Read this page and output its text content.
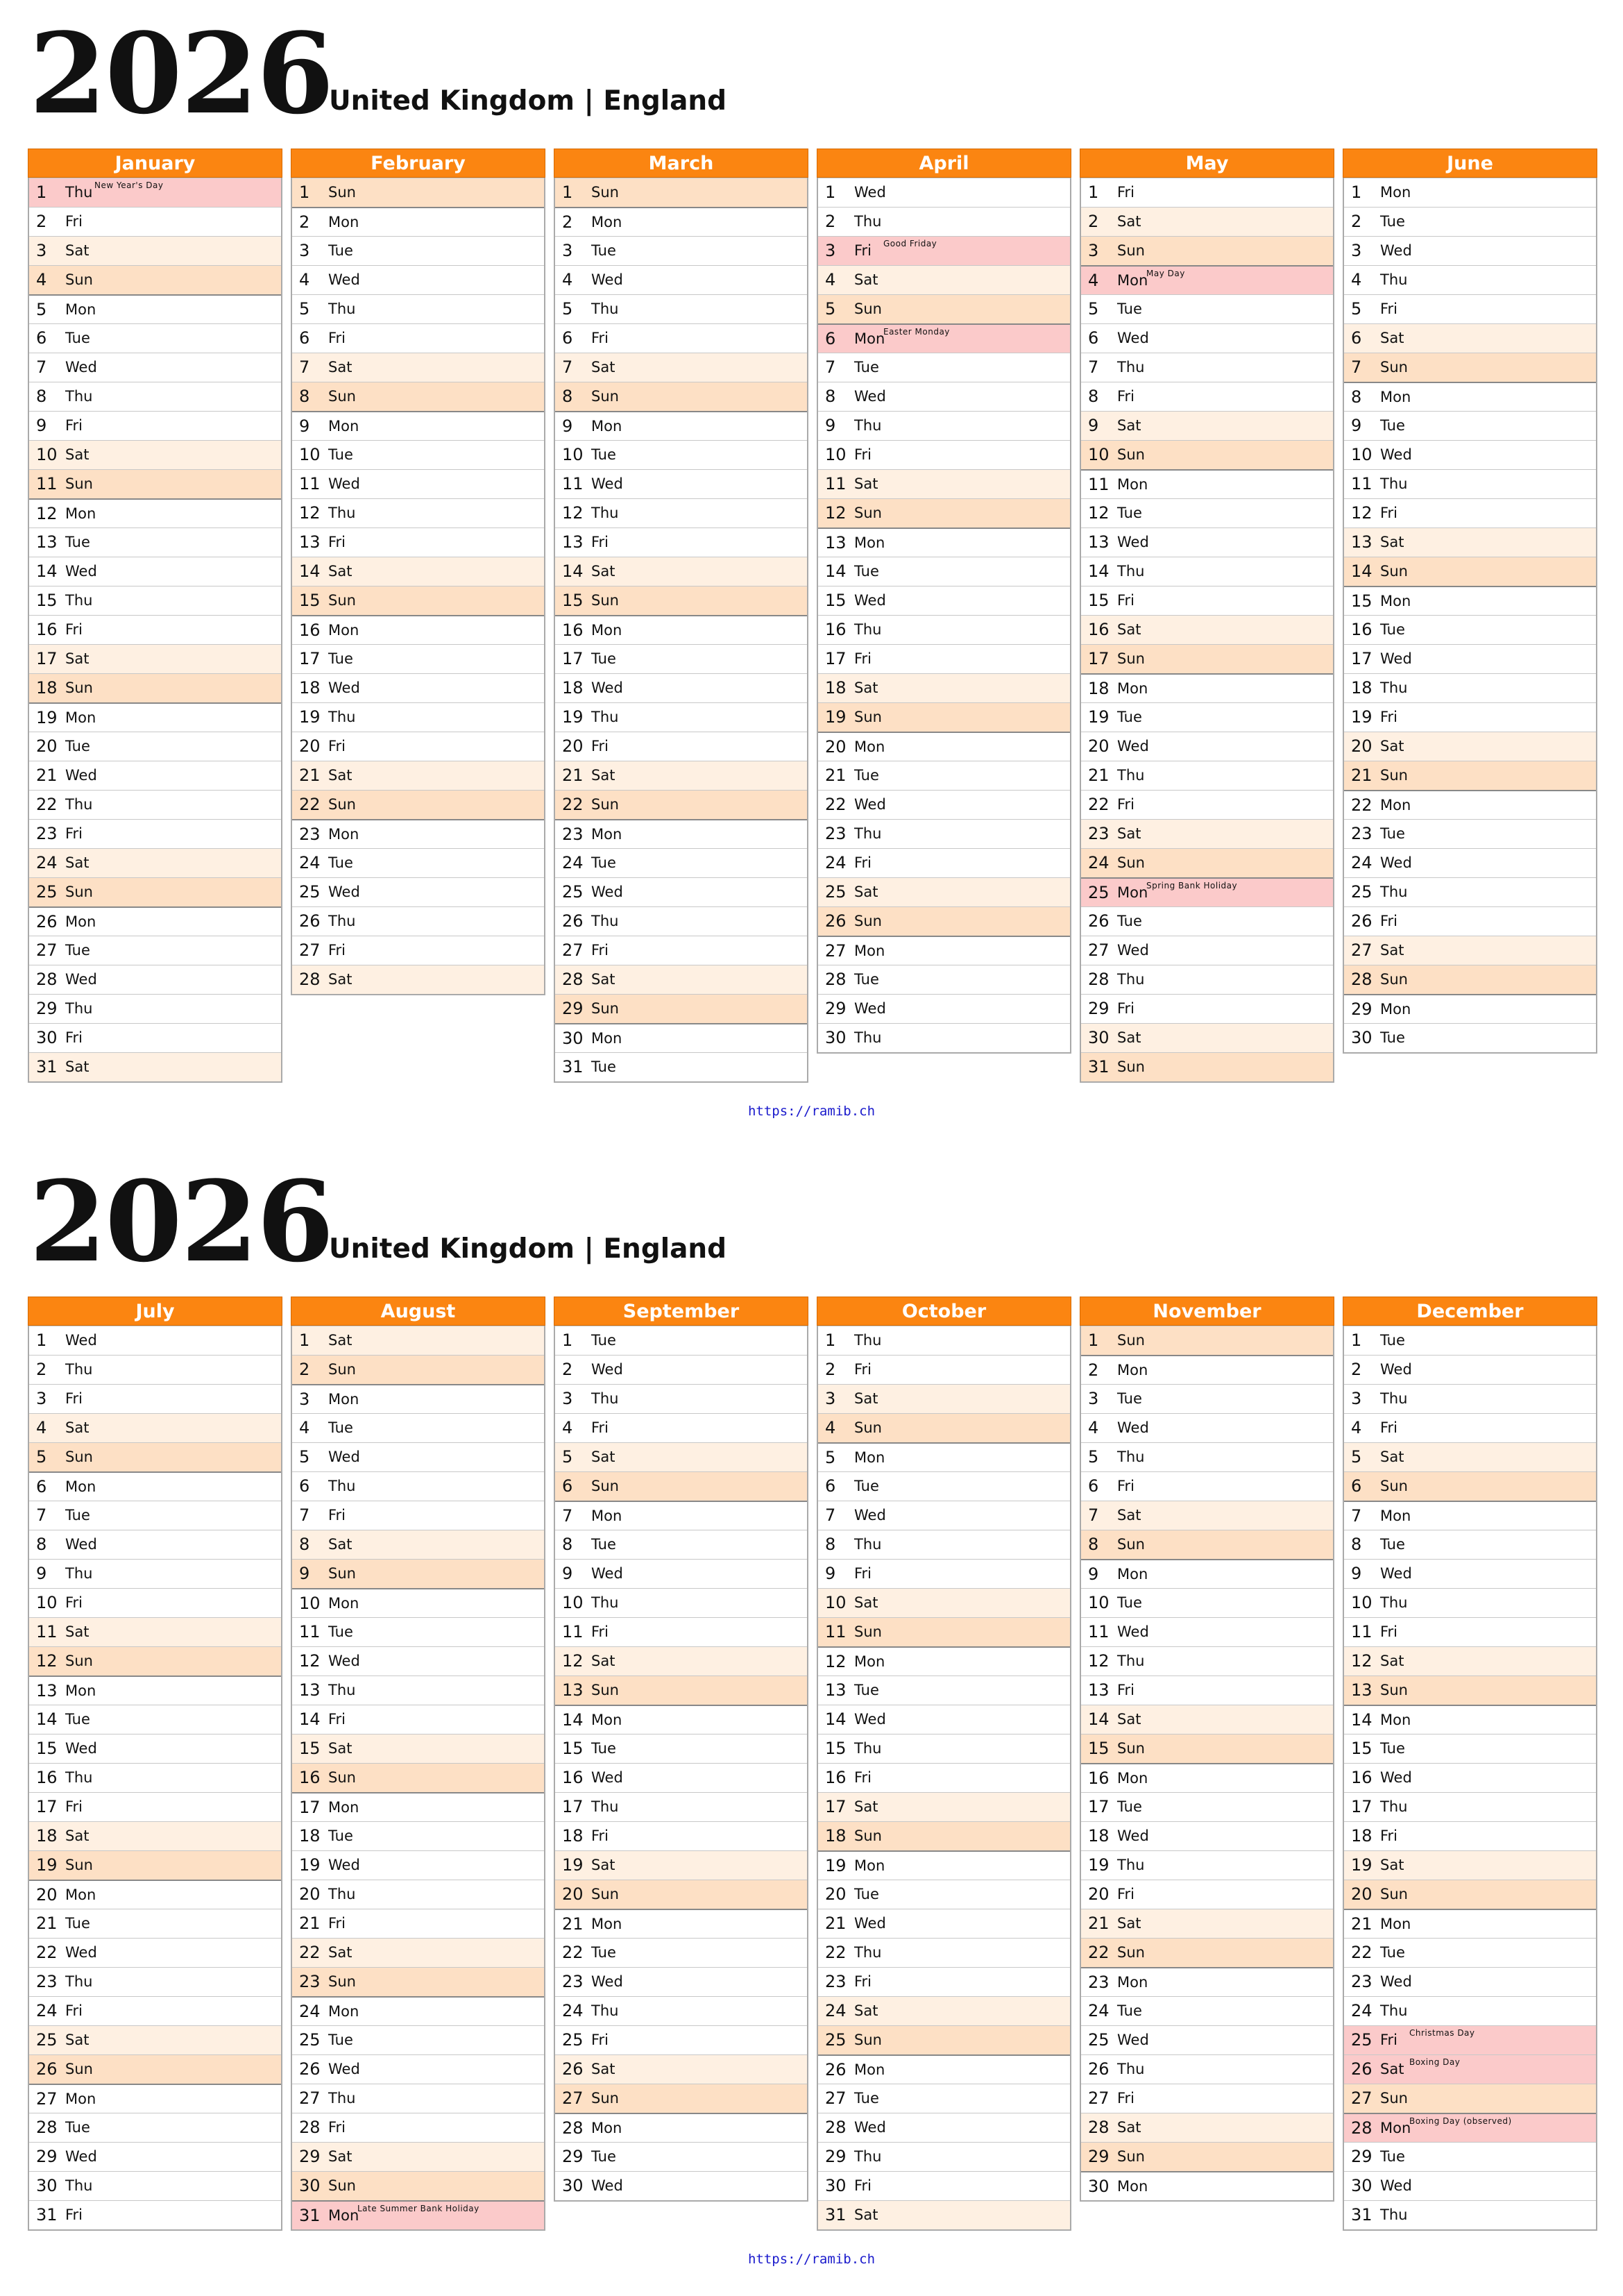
2026
United Kingdom | England
January
1 Thu New Year's Day
2 Fri
3 Sat
4 Sun
5 Mon
6 Tue
7 Wed
8 Thu
9 Fri
10 Sat
11 Sun
12 Mon
13 Tue
14 Wed
15 Thu
16 Fri
17 Sat
18 Sun
19 Mon
20 Tue
21 Wed
22 Thu
23 Fri
24 Sat
25 Sun
26 Mon
27 Tue
28 Wed
29 Thu
30 Fri
31 Sat
February
1 Sun
2 Mon
3 Tue
4 Wed
5 Thu
6 Fri
7 Sat
8 Sun
9 Mon
10 Tue
11 Wed
12 Thu
13 Fri
14 Sat
15 Sun
16 Mon
17 Tue
18 Wed
19 Thu
20 Fri
21 Sat
22 Sun
23 Mon
24 Tue
25 Wed
26 Thu
27 Fri
28 Sat
March
1 Sun
2 Mon
3 Tue
4 Wed
5 Thu
6 Fri
7 Sat
8 Sun
9 Mon
10 Tue
11 Wed
12 Thu
13 Fri
14 Sat
15 Sun
16 Mon
17 Tue
18 Wed
19 Thu
20 Fri
21 Sat
22 Sun
23 Mon
24 Tue
25 Wed
26 Thu
27 Fri
28 Sat
29 Sun
30 Mon
31 Tue
April
1 Wed
2 Thu
3 Fri Good Friday
4 Sat
5 Sun
6 Mon
Easter Monday
7 Tue
8 Wed
9 Thu
10 Fri
11 Sat
12 Sun
13 Mon
14 Tue
15 Wed
16 Thu
17 Fri
18 Sat
19 Sun
20 Mon
21 Tue
22 Wed
23 Thu
24 Fri
25 Sat
26 Sun
27 Mon
28 Tue
29 Wed
30 Thu
May
1 Fri
2 Sat
3 Sun
4 Mon
May Day
5 Tue
6 Wed
7 Thu
8 Fri
9 Sat
10 Sun
11 Mon
12 Tue
13 Wed
14 Thu
15 Fri
16 Sat
17 Sun
18 Mon
19 Tue
20 Wed
21 Thu
22 Fri
23 Sat
24 Sun
25 Mon
Spring Bank Holiday
26 Tue
27 Wed
28 Thu
29 Fri
30 Sat
31 Sun
June
1 Mon
2 Tue
3 Wed
4 Thu
5 Fri
6 Sat
7 Sun
8 Mon
9 Tue
10 Wed
11 Thu
12 Fri
13 Sat
14 Sun
15 Mon
16 Tue
17 Wed
18 Thu
19 Fri
20 Sat
21 Sun
22 Mon
23 Tue
24 Wed
25 Thu
26 Fri
27 Sat
28 Sun
29 Mon
30 Tue
https://ramib.ch
2026
United Kingdom | England
July
1 Wed
2 Thu
3 Fri
4 Sat
5 Sun
6 Mon
7 Tue
8 Wed
9 Thu
10 Fri
11 Sat
12 Sun
13 Mon
14 Tue
15 Wed
16 Thu
17 Fri
18 Sat
19 Sun
20 Mon
21 Tue
22 Wed
23 Thu
24 Fri
25 Sat
26 Sun
27 Mon
28 Tue
29 Wed
30 Thu
31 Fri
August
1 Sat
2 Sun
3 Mon
4 Tue
5 Wed
6 Thu
7 Fri
8 Sat
9 Sun
10 Mon
11 Tue
12 Wed
13 Thu
14 Fri
15 Sat
16 Sun
17 Mon
18 Tue
19 Wed
20 Thu
21 Fri
22 Sat
23 Sun
24 Mon
25 Tue
26 Wed
27 Thu
28 Fri
29 Sat
30 Sun
31 Mon
Late Summer Bank Holiday
September
1 Tue
2 Wed
3 Thu
4 Fri
5 Sat
6 Sun
7 Mon
8 Tue
9 Wed
10 Thu
11 Fri
12 Sat
13 Sun
14 Mon
15 Tue
16 Wed
17 Thu
18 Fri
19 Sat
20 Sun
21 Mon
22 Tue
23 Wed
24 Thu
25 Fri
26 Sat
27 Sun
28 Mon
29 Tue
30 Wed
October
1 Thu
2 Fri
3 Sat
4 Sun
5 Mon
6 Tue
7 Wed
8 Thu
9 Fri
10 Sat
11 Sun
12 Mon
13 Tue
14 Wed
15 Thu
16 Fri
17 Sat
18 Sun
19 Mon
20 Tue
21 Wed
22 Thu
23 Fri
24 Sat
25 Sun
26 Mon
27 Tue
28 Wed
29 Thu
30 Fri
31 Sat
November
1 Sun
2 Mon
3 Tue
4 Wed
5 Thu
6 Fri
7 Sat
8 Sun
9 Mon
10 Tue
11 Wed
12 Thu
13 Fri
14 Sat
15 Sun
16 Mon
17 Tue
18 Wed
19 Thu
20 Fri
21 Sat
22 Sun
23 Mon
24 Tue
25 Wed
26 Thu
27 Fri
28 Sat
29 Sun
30 Mon
December
1 Tue
2 Wed
3 Thu
4 Fri
5 Sat
6 Sun
7 Mon
8 Tue
9 Wed
10 Thu
11 Fri
12 Sat
13 Sun
14 Mon
15 Tue
16 Wed
17 Thu
18 Fri
19 Sat
20 Sun
21 Mon
22 Tue
23 Wed
24 Thu
25 Fri Christmas Day
26 Sat Boxing Day
27 Sun
28 Mon
Boxing Day (observed)
29 Tue
30 Wed
31 Thu
https://ramib.ch
